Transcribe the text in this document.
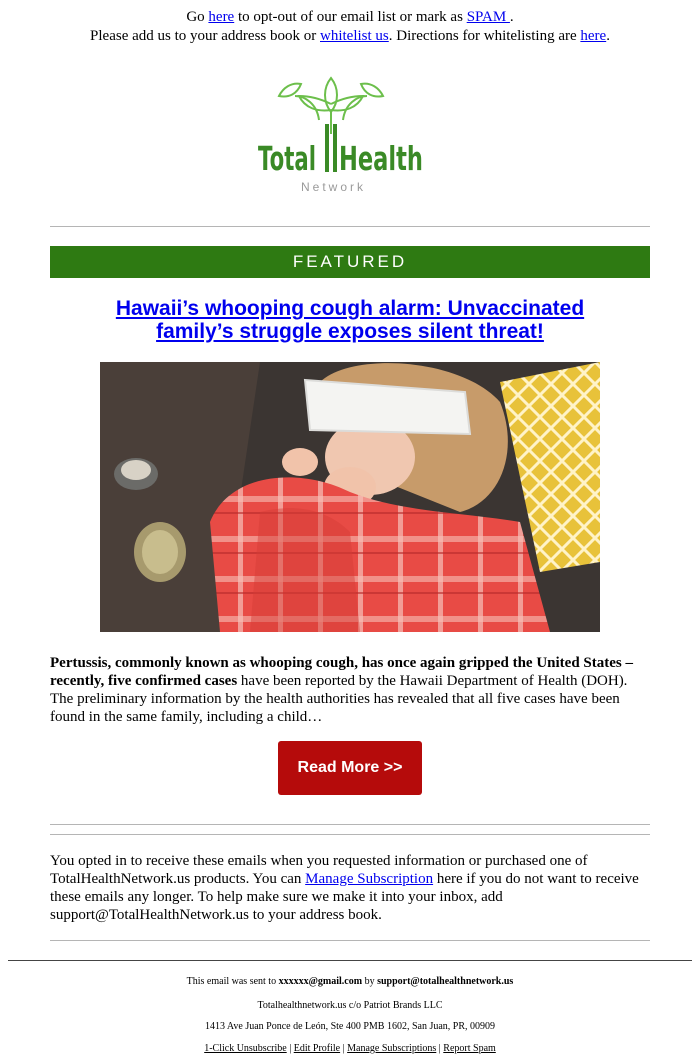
Go here to opt-out of our email list or mark as SPAM .
Please add us to your address book or whitelist us. Directions for whitelisting are here.
Total Health
Network
FEATURED
Hawaii’s whooping cough alarm: Unvaccinated
family’s struggle exposes silent threat!
Pertussis, commonly known as whooping cough, has once again gripped the United States – recently, five confirmed cases have been reported by the Hawaii Department of Health (DOH). The preliminary information by the health authorities has revealed that all five cases have been found in the same family, including a child…
Read More >>
You opted in to receive these emails when you requested information or purchased one of TotalHealthNetwork.us products. You can Manage Subscription here if you do not want to receive these emails any longer. To help make sure we make it into your inbox, add support@TotalHealthNetwork.us to your address book.
This email was sent to xxxxxx@gmail.com by support@totalhealthnetwork.us
Totalhealthnetwork.us c/o Patriot Brands LLC
1413 Ave Juan Ponce de León, Ste 400 PMB 1602, San Juan, PR, 00909
1-Click Unsubscribe | Edit Profile | Manage Subscriptions | Report Spam
